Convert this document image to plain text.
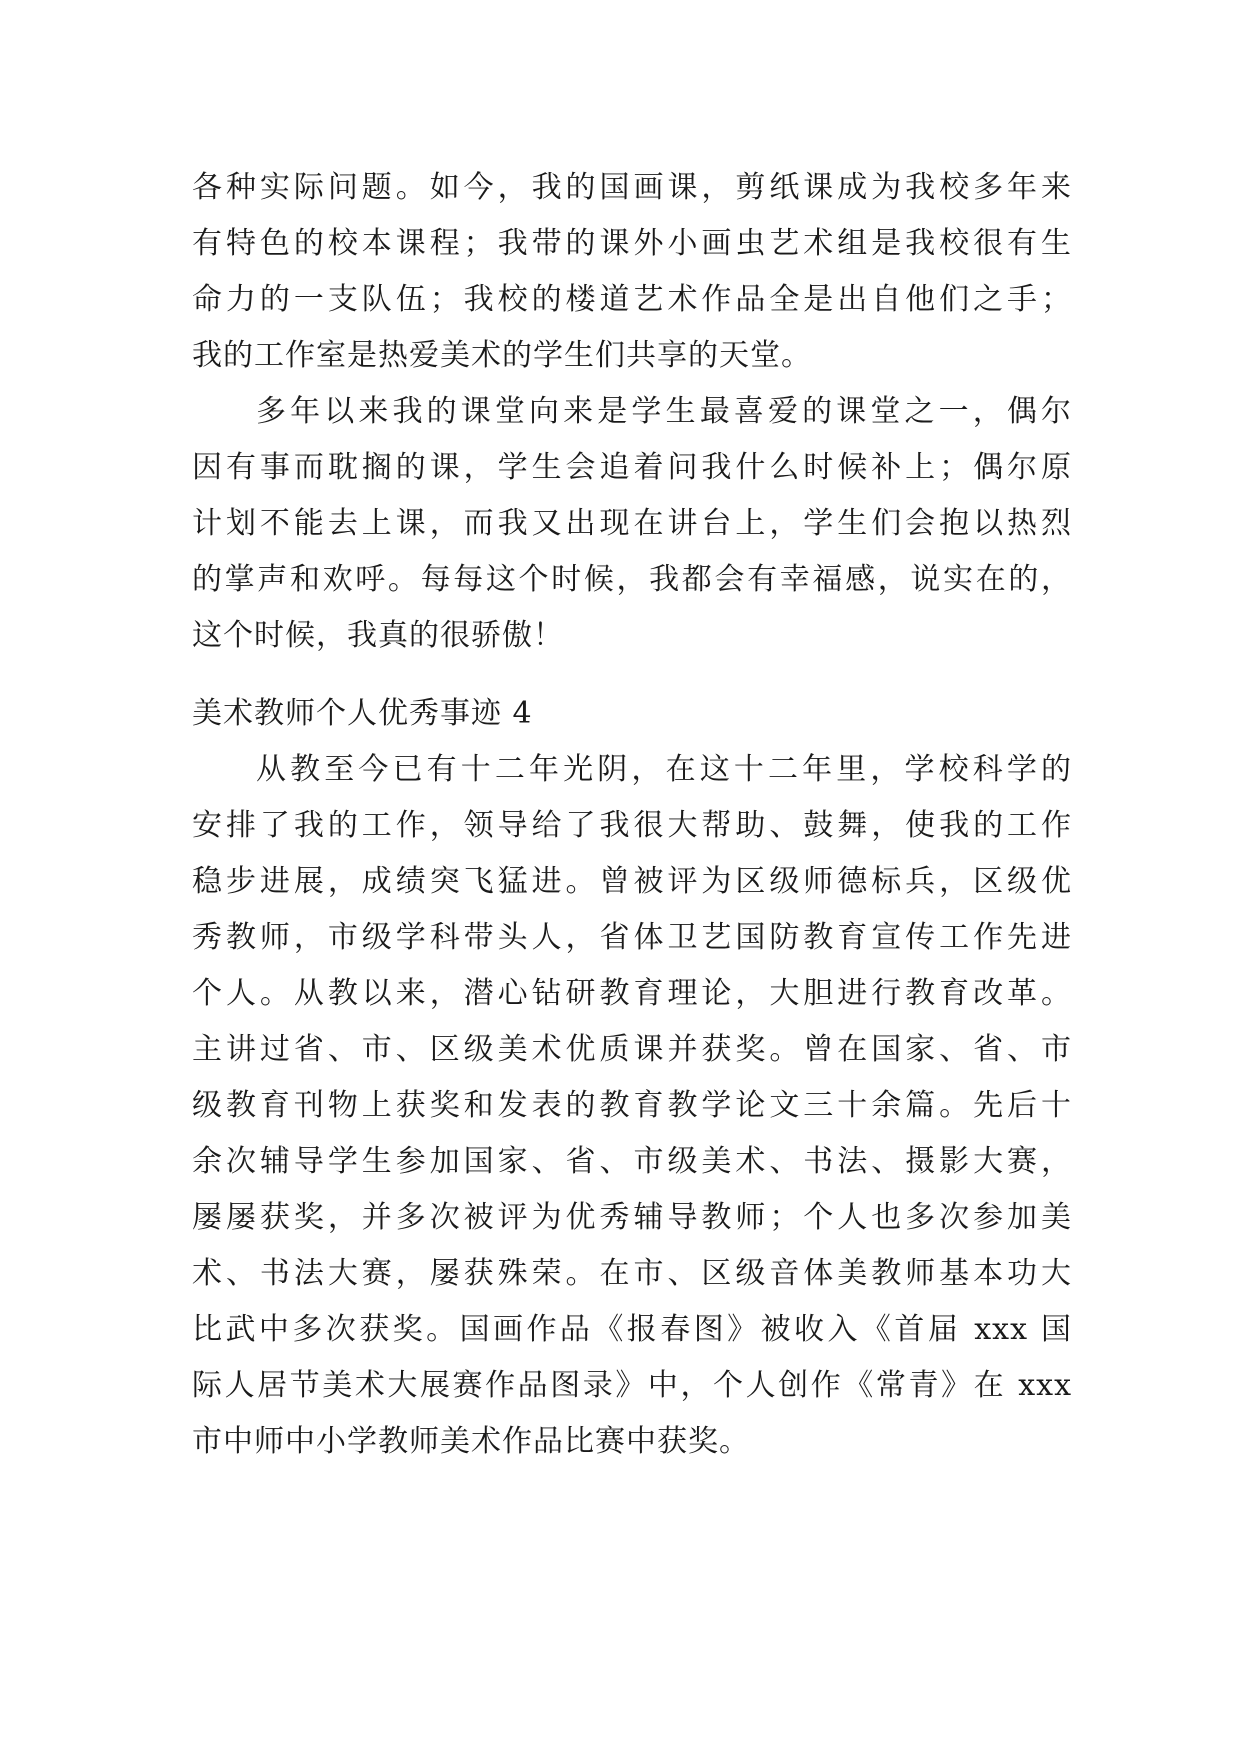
各种实际问题。如今，我的国画课，剪纸课成为我校多年来
有特色的校本课程；我带的课外小画虫艺术组是我校很有生
命力的一支队伍；我校的楼道艺术作品全是出自他们之手；
我的工作室是热爱美术的学生们共享的天堂。
多年以来我的课堂向来是学生最喜爱的课堂之一，偶尔
因有事而耽搁的课，学生会追着问我什么时候补上；偶尔原
计划不能去上课，而我又出现在讲台上，学生们会抱以热烈
的掌声和欢呼。每每这个时候，我都会有幸福感，说实在的，
这个时候，我真的很骄傲！
美术教师个人优秀事迹 4
从教至今已有十二年光阴，在这十二年里，学校科学的
安排了我的工作，领导给了我很大帮助、鼓舞，使我的工作
稳步进展，成绩突飞猛进。曾被评为区级师德标兵，区级优
秀教师，市级学科带头人，省体卫艺国防教育宣传工作先进
个人。从教以来，潜心钻研教育理论，大胆进行教育改革。
主讲过省、市、区级美术优质课并获奖。曾在国家、省、市
级教育刊物上获奖和发表的教育教学论文三十余篇。先后十
余次辅导学生参加国家、省、市级美术、书法、摄影大赛，
屡屡获奖，并多次被评为优秀辅导教师；个人也多次参加美
术、书法大赛，屡获殊荣。在市、区级音体美教师基本功大
比武中多次获奖。国画作品《报春图》被收入《首届 xxx 国
际人居节美术大展赛作品图录》中，个人创作《常青》在 xxx
市中师中小学教师美术作品比赛中获奖。
